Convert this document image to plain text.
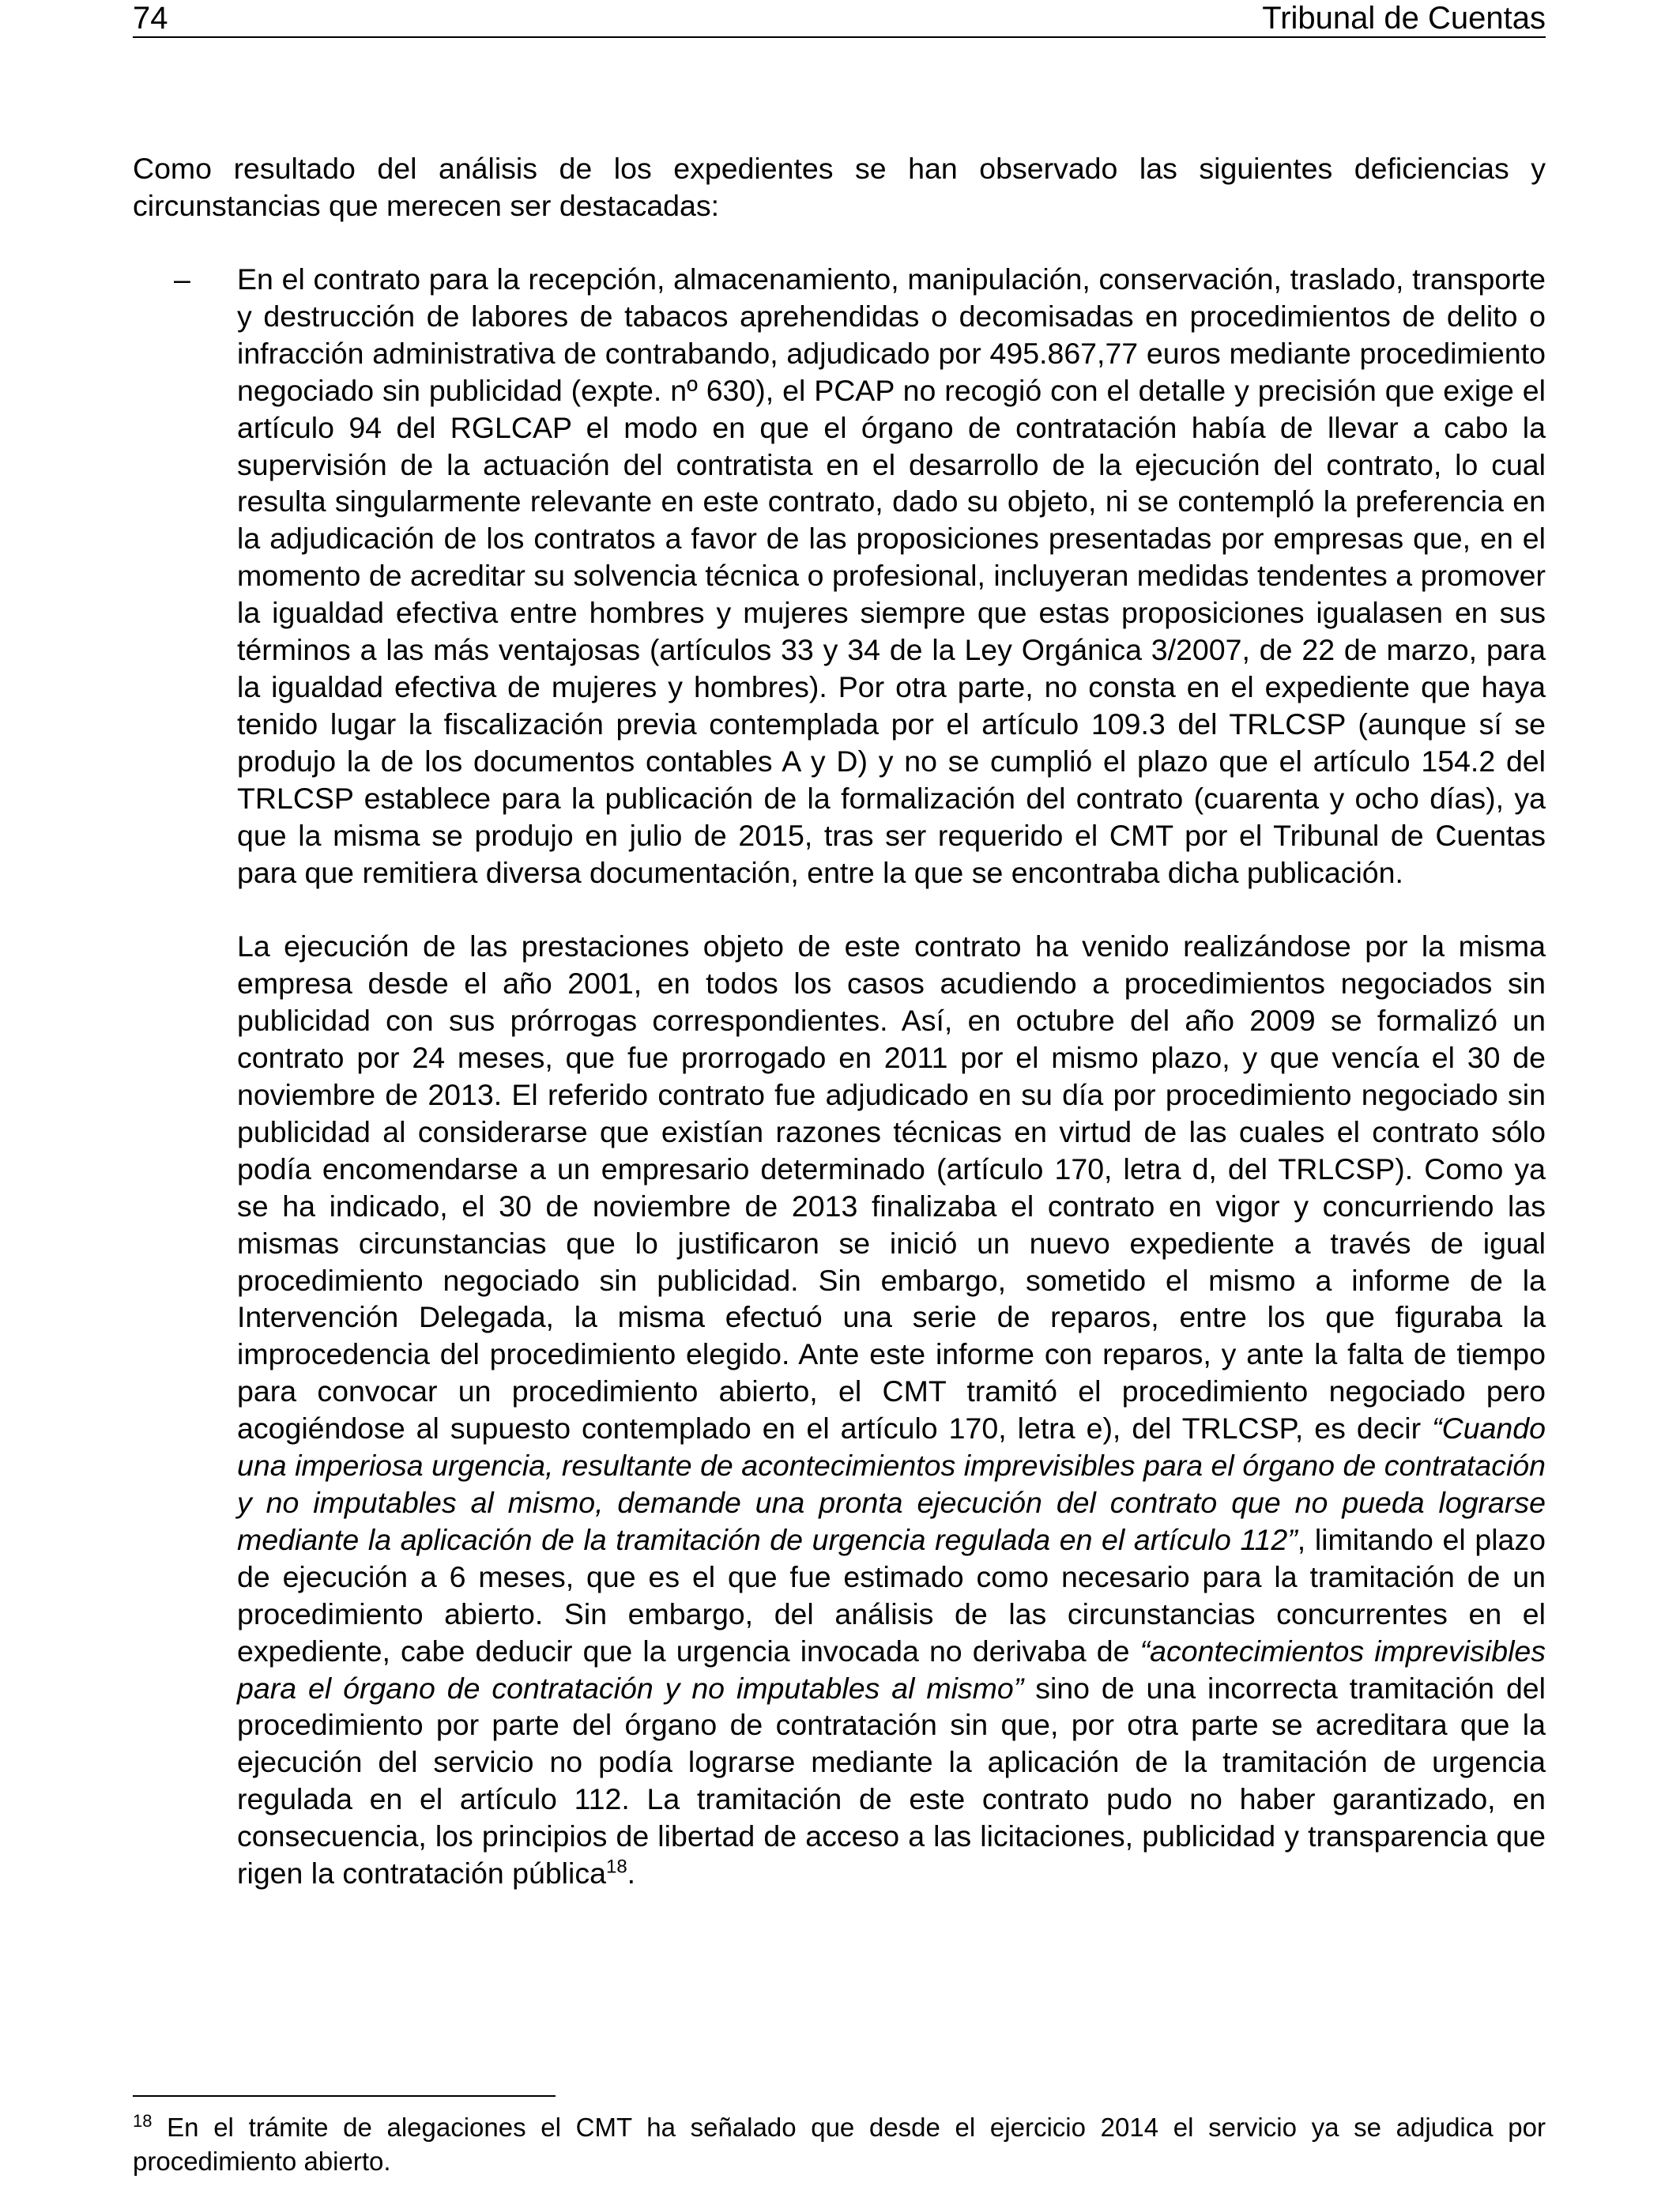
74	Tribunal de Cuentas
Como resultado del análisis de los expedientes se han observado las siguientes deficiencias y circunstancias que merecen ser destacadas:
– En el contrato para la recepción, almacenamiento, manipulación, conservación, traslado, transporte y destrucción de labores de tabacos aprehendidas o decomisadas en procedimientos de delito o infracción administrativa de contrabando, adjudicado por 495.867,77 euros mediante procedimiento negociado sin publicidad (expte. nº 630), el PCAP no recogió con el detalle y precisión que exige el artículo 94 del RGLCAP el modo en que el órgano de contratación había de llevar a cabo la supervisión de la actuación del contratista en el desarrollo de la ejecución del contrato, lo cual resulta singularmente relevante en este contrato, dado su objeto, ni se contempló la preferencia en la adjudicación de los contratos a favor de las proposiciones presentadas por empresas que, en el momento de acreditar su solvencia técnica o profesional, incluyeran medidas tendentes a promover la igualdad efectiva entre hombres y mujeres siempre que estas proposiciones igualasen en sus términos a las más ventajosas (artículos 33 y 34 de la Ley Orgánica 3/2007, de 22 de marzo, para la igualdad efectiva de mujeres y hombres). Por otra parte, no consta en el expediente que haya tenido lugar la fiscalización previa contemplada por el artículo 109.3 del TRLCSP (aunque sí se produjo la de los documentos contables A y D) y no se cumplió el plazo que el artículo 154.2 del TRLCSP establece para la publicación de la formalización del contrato (cuarenta y ocho días), ya que la misma se produjo en julio de 2015, tras ser requerido el CMT por el Tribunal de Cuentas para que remitiera diversa documentación, entre la que se encontraba dicha publicación.

La ejecución de las prestaciones objeto de este contrato ha venido realizándose por la misma empresa desde el año 2001, en todos los casos acudiendo a procedimientos negociados sin publicidad con sus prórrogas correspondientes. Así, en octubre del año 2009 se formalizó un contrato por 24 meses, que fue prorrogado en 2011 por el mismo plazo, y que vencía el 30 de noviembre de 2013. El referido contrato fue adjudicado en su día por procedimiento negociado sin publicidad al considerarse que existían razones técnicas en virtud de las cuales el contrato sólo podía encomendarse a un empresario determinado (artículo 170, letra d, del TRLCSP). Como ya se ha indicado, el 30 de noviembre de 2013 finalizaba el contrato en vigor y concurriendo las mismas circunstancias que lo justificaron se inició un nuevo expediente a través de igual procedimiento negociado sin publicidad. Sin embargo, sometido el mismo a informe de la Intervención Delegada, la misma efectuó una serie de reparos, entre los que figuraba la improcedencia del procedimiento elegido. Ante este informe con reparos, y ante la falta de tiempo para convocar un procedimiento abierto, el CMT tramitó el procedimiento negociado pero acogiéndose al supuesto contemplado en el artículo 170, letra e), del TRLCSP, es decir “Cuando una imperiosa urgencia, resultante de acontecimientos imprevisibles para el órgano de contratación y no imputables al mismo, demande una pronta ejecución del contrato que no pueda lograrse mediante la aplicación de la tramitación de urgencia regulada en el artículo 112”, limitando el plazo de ejecución a 6 meses, que es el que fue estimado como necesario para la tramitación de un procedimiento abierto. Sin embargo, del análisis de las circunstancias concurrentes en el expediente, cabe deducir que la urgencia invocada no derivaba de “acontecimientos imprevisibles para el órgano de contratación y no imputables al mismo” sino de una incorrecta tramitación del procedimiento por parte del órgano de contratación sin que, por otra parte se acreditara que la ejecución del servicio no podía lograrse mediante la aplicación de la tramitación de urgencia regulada en el artículo 112. La tramitación de este contrato pudo no haber garantizado, en consecuencia, los principios de libertad de acceso a las licitaciones, publicidad y transparencia que rigen la contratación pública$^{18}$.

$^{18}$ En el trámite de alegaciones el CMT ha señalado que desde el ejercicio 2014 el servicio ya se adjudica por procedimiento abierto.
